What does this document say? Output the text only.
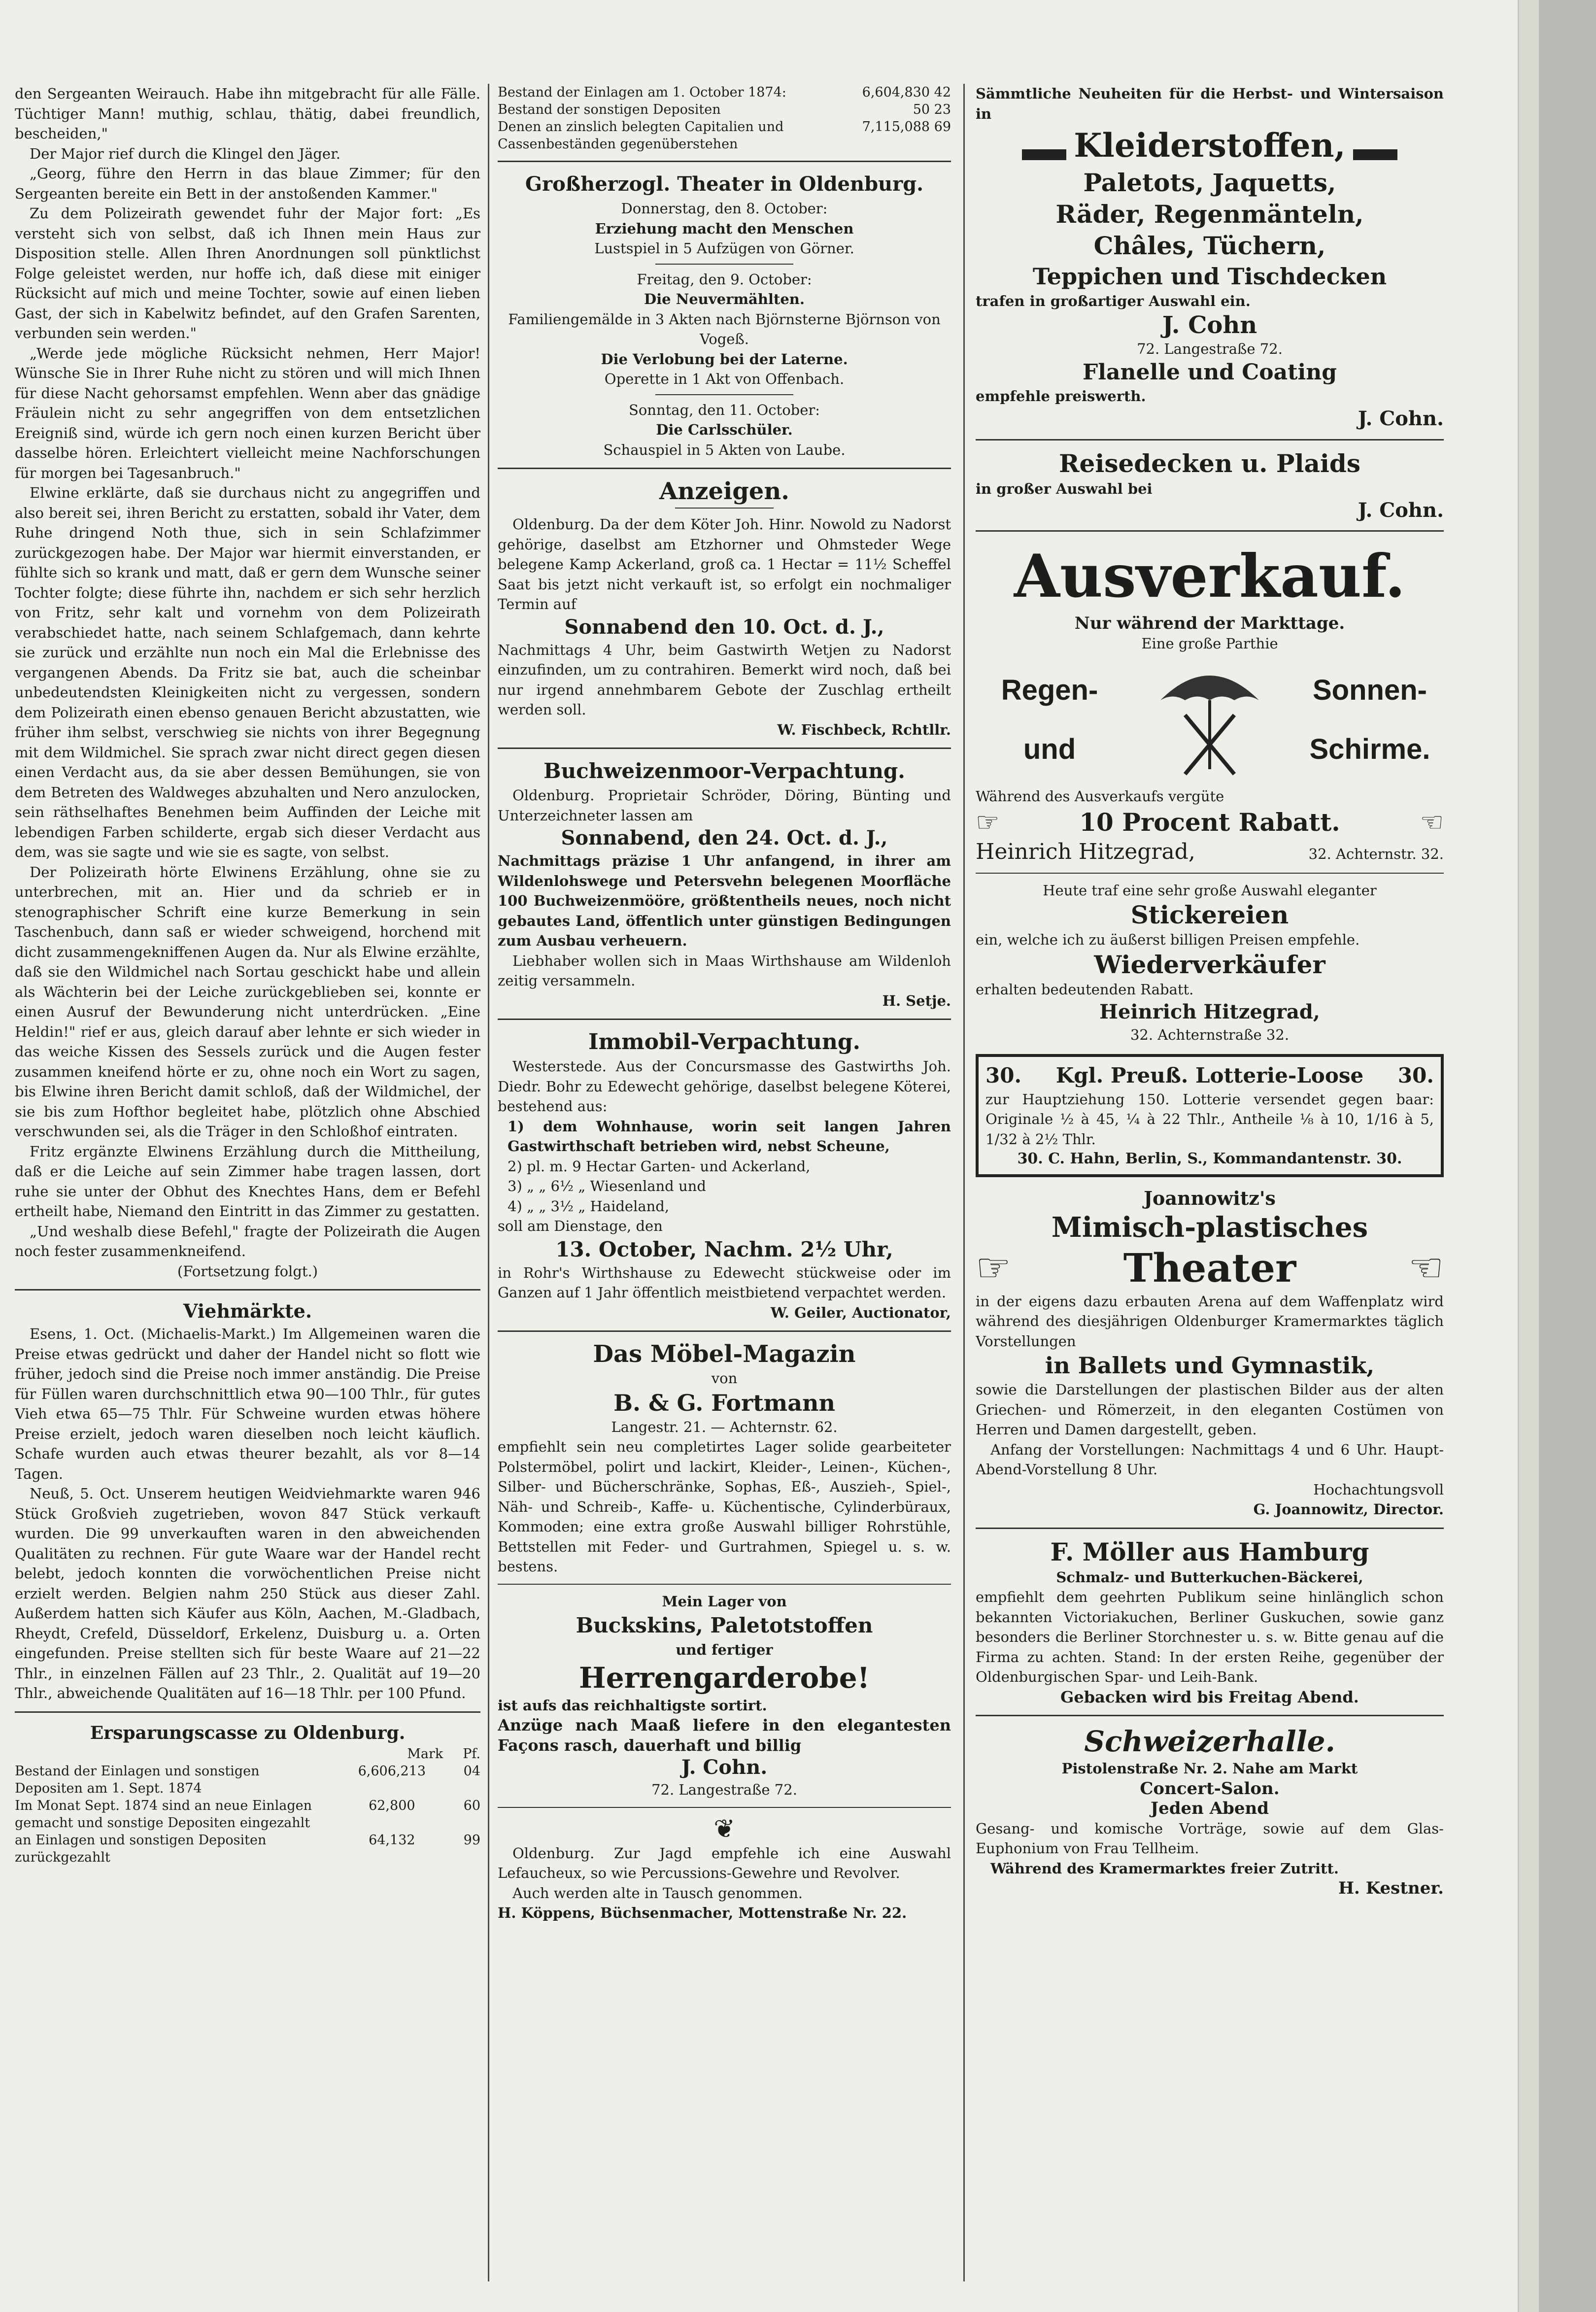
den Sergeanten Weirauch. Habe ihn mitgebracht für alle Fälle. Tüchtiger Mann! muthig, schlau, thätig, dabei freundlich, bescheiden,"

Der Major rief durch die Klingel den Jäger.

„Georg, führe den Herrn in das blaue Zimmer; für den Sergeanten bereite ein Bett in der anstoßenden Kammer."

Zu dem Polizeirath gewendet fuhr der Major fort: „Es versteht sich von selbst, daß ich Ihnen mein Haus zur Disposition stelle. Allen Ihren Anordnungen soll pünktlichst Folge geleistet werden, nur hoffe ich, daß diese mit einiger Rücksicht auf mich und meine Tochter, sowie auf einen lieben Gast, der sich in Kabelwitz befindet, auf den Grafen Sarenten, verbunden sein werden."

„Werde jede mögliche Rücksicht nehmen, Herr Major! Wünsche Sie in Ihrer Ruhe nicht zu stören und will mich Ihnen für diese Nacht gehorsamst empfehlen. Wenn aber das gnädige Fräulein nicht zu sehr angegriffen von dem entsetzlichen Ereigniß sind, würde ich gern noch einen kurzen Bericht über dasselbe hören. Erleichtert vielleicht meine Nachforschungen für morgen bei Tagesanbruch."

Elwine erklärte, daß sie durchaus nicht zu angegriffen und also bereit sei, ihren Bericht zu erstatten, sobald ihr Vater, dem Ruhe dringend Noth thue, sich in sein Schlafzimmer zurückgezogen habe. Der Major war hiermit einverstanden, er fühlte sich so krank und matt, daß er gern dem Wunsche seiner Tochter folgte; diese führte ihn, nachdem er sich sehr herzlich von Fritz, sehr kalt und vornehm von dem Polizeirath verabschiedet hatte, nach seinem Schlafgemach, dann kehrte sie zurück und erzählte nun noch ein Mal die Erlebnisse des vergangenen Abends. Da Fritz sie bat, auch die scheinbar unbedeutendsten Kleinigkeiten nicht zu vergessen, sondern dem Polizeirath einen ebenso genauen Bericht abzustatten, wie früher ihm selbst, verschwieg sie nichts von ihrer Begegnung mit dem Wildmichel. Sie sprach zwar nicht direct gegen diesen einen Verdacht aus, da sie aber dessen Bemühungen, sie von dem Betreten des Waldweges abzuhalten und Nero anzulocken, sein räthselhaftes Benehmen beim Auffinden der Leiche mit lebendigen Farben schilderte, ergab sich dieser Verdacht aus dem, was sie sagte und wie sie es sagte, von selbst.

Der Polizeirath hörte Elwinens Erzählung, ohne sie zu unterbrechen, mit an. Hier und da schrieb er in stenographischer Schrift eine kurze Bemerkung in sein Taschenbuch, dann saß er wieder schweigend, horchend mit dicht zusammengekniffenen Augen da. Nur als Elwine erzählte, daß sie den Wildmichel nach Sortau geschickt habe und allein als Wächterin bei der Leiche zurückgeblieben sei, konnte er einen Ausruf der Bewunderung nicht unterdrücken. „Eine Heldin!" rief er aus, gleich darauf aber lehnte er sich wieder in das weiche Kissen des Sessels zurück und die Augen fester zusammen kneifend hörte er zu, ohne noch ein Wort zu sagen, bis Elwine ihren Bericht damit schloß, daß der Wildmichel, der sie bis zum Hofthor begleitet habe, plötzlich ohne Abschied verschwunden sei, als die Träger in den Schloßhof eintraten.

Fritz ergänzte Elwinens Erzählung durch die Mittheilung, daß er die Leiche auf sein Zimmer habe tragen lassen, dort ruhe sie unter der Obhut des Knechtes Hans, dem er Befehl ertheilt habe, Niemand den Eintritt in das Zimmer zu gestatten.

„Und weshalb diese Befehl," fragte der Polizeirath die Augen noch fester zusammenkneifend.

(Fortsetzung folgt.)

Viehmärkte.

Esens, 1. Oct. (Michaelis-Markt.) Im Allgemeinen waren die Preise etwas gedrückt und daher der Handel nicht so flott wie früher, jedoch sind die Preise noch immer anständig. Die Preise für Füllen waren durchschnittlich etwa 90—100 Thlr., für gutes Vieh etwa 65—75 Thlr. Für Schweine wurden etwas höhere Preise erzielt, jedoch waren dieselben noch leicht käuflich. Schafe wurden auch etwas theurer bezahlt, als vor 8—14 Tagen.

Neuß, 5. Oct. Unserem heutigen Weidviehmarkte waren 946 Stück Großvieh zugetrieben, wovon 847 Stück verkauft wurden. Die 99 unverkauften waren in den abweichenden Qualitäten zu rechnen. Für gute Waare war der Handel recht belebt, jedoch konnten die vorwöchentlichen Preise nicht erzielt werden. Belgien nahm 250 Stück aus dieser Zahl. Außerdem hatten sich Käufer aus Köln, Aachen, M.-Gladbach, Rheydt, Crefeld, Düsseldorf, Erkelenz, Duisburg u. a. Orten eingefunden. Preise stellten sich für beste Waare auf 21—22 Thlr., in einzelnen Fällen auf 23 Thlr., 2. Qualität auf 19—20 Thlr., abweichende Qualitäten auf 16—18 Thlr. per 100 Pfund.

Ersparungscasse zu Oldenburg.

Mark Pf.
Bestand der Einlagen und sonstigen Depositen am 1. Sept. 1874
6,606,213	04
Im Monat Sept. 1874 sind an neue Einlagen gemacht und sonstige Depositen eingezahlt
62,800	60
an Einlagen und sonstigen Depositen zurückgezahlt
64,132	99
Bestand der Einlagen am 1. October 1874:	6,604,830 42
Bestand der sonstigen Depositen	50 23
Denen an zinslich belegten Capitalien und Cassenbeständen gegenüberstehen
7,115,088 69

Großherzogl. Theater in Oldenburg.

Donnerstag, den 8. October:

Erziehung macht den Menschen

Lustspiel in 5 Aufzügen von Görner.

Freitag, den 9. October:

Die Neuvermählten.

Familiengemälde in 3 Akten nach Björnsterne Björnson von Vogeß.

Die Verlobung bei der Laterne.

Operette in 1 Akt von Offenbach.

Sonntag, den 11. October:

Die Carlsschüler.

Schauspiel in 5 Akten von Laube.

Anzeigen.

Oldenburg. Da der dem Köter Joh. Hinr. Nowold zu Nadorst gehörige, daselbst am Etzhorner und Ohmsteder Wege belegene Kamp Ackerland, groß ca. 1 Hectar = 11½ Scheffel Saat bis jetzt nicht verkauft ist, so erfolgt ein nochmaliger Termin auf

Sonnabend den 10. Oct. d. J.,

Nachmittags 4 Uhr, beim Gastwirth Wetjen zu Nadorst einzufinden, um zu contrahiren. Bemerkt wird noch, daß bei nur irgend annehmbarem Gebote der Zuschlag ertheilt werden soll.

W. Fischbeck, Rchtllr.

Buchweizenmoor-Verpachtung.

Oldenburg. Proprietair Schröder, Döring, Bünting und Unterzeichneter lassen am

Sonnabend, den 24. Oct. d. J.,

Nachmittags präzise 1 Uhr anfangend, in ihrer am Wildenlohswege und Petersvehn belegenen Moorfläche 100 Buchweizenmööre, größtentheils neues, noch nicht gebautes Land, öffentlich unter günstigen Bedingungen zum Ausbau verheuern.

Liebhaber wollen sich in Maas Wirthshause am Wildenloh zeitig versammeln.

H. Setje.

Immobil-Verpachtung.

Westerstede. Aus der Concursmasse des Gastwirths Joh. Diedr. Bohr zu Edewecht gehörige, daselbst belegene Köterei, bestehend aus:

1) dem Wohnhause, worin seit langen Jahren Gastwirthschaft betrieben wird, nebst Scheune,

2) pl. m. 9 Hectar Garten- und Ackerland,

3) „ „ 6½ „ Wiesenland und

4) „ „ 3½ „ Haideland,

soll am Dienstage, den

13. October, Nachm. 2½ Uhr,

in Rohr's Wirthshause zu Edewecht stückweise oder im Ganzen auf 1 Jahr öffentlich meistbietend verpachtet werden.

W. Geiler, Auctionator,

Das Möbel-Magazin

von

B. & G. Fortmann

Langestr. 21. — Achternstr. 62.

empfiehlt sein neu completirtes Lager solide gearbeiteter Polstermöbel, polirt und lackirt, Kleider-, Leinen-, Küchen-, Silber- und Bücherschränke, Sophas, Eß-, Auszieh-, Spiel-, Näh- und Schreib-, Kaffe- u. Küchentische, Cylinderbüraux, Kommoden; eine extra große Auswahl billiger Rohrstühle, Bettstellen mit Feder- und Gurtrahmen, Spiegel u. s. w. bestens.

Mein Lager von

Buckskins, Paletotstoffen

und fertiger

Herrengarderobe!

ist aufs das reichhaltigste sortirt.

Anzüge nach Maaß liefere in den elegantesten Façons rasch, dauerhaft und billig

J. Cohn.

72. Langestraße 72.

❦

Oldenburg. Zur Jagd empfehle ich eine Auswahl Lefaucheux, so wie Percussions-Gewehre und Revolver.

Auch werden alte in Tausch genommen.

H. Köppens, Büchsenmacher, Mottenstraße Nr. 22.

Sämmtliche Neuheiten für die Herbst- und Wintersaison in

Kleiderstoffen,

Paletots, Jaquetts,

Räder, Regenmänteln,

Châles, Tüchern,

Teppichen und Tischdecken

trafen in großartiger Auswahl ein.

J. Cohn

72. Langestraße 72.

Flanelle und Coating

empfehle preiswerth.

J. Cohn.

Reisedecken u. Plaids

in großer Auswahl bei

J. Cohn.

Ausverkauf.

Nur während der Markttage.

Eine große Parthie

Regen-
und
Sonnen-
Schirme.

Während des Ausverkaufs vergüte

☞	10 Procent Rabatt.	☜
Heinrich Hitzegrad,	32. Achternstr. 32.

Heute traf eine sehr große Auswahl eleganter

Stickereien

ein, welche ich zu äußerst billigen Preisen empfehle.

Wiederverkäufer

erhalten bedeutenden Rabatt.

Heinrich Hitzegrad,

32. Achternstraße 32.

30. Kgl. Preuß. Lotterie-Loose 30.

zur Hauptziehung 150. Lotterie versendet gegen baar: Originale ½ à 45, ¼ à 22 Thlr., Antheile ⅛ à 10, 1/16 à 5, 1/32 à 2½ Thlr.

30. C. Hahn, Berlin, S., Kommandantenstr. 30.

Joannowitz's

Mimisch-plastisches

☞	Theater	☜

in der eigens dazu erbauten Arena auf dem Waffenplatz wird während des diesjährigen Oldenburger Kramermarktes täglich Vorstellungen

in Ballets und Gymnastik,

sowie die Darstellungen der plastischen Bilder aus der alten Griechen- und Römerzeit, in den eleganten Costümen von Herren und Damen dargestellt, geben.

Anfang der Vorstellungen: Nachmittags 4 und 6 Uhr. Haupt-Abend-Vorstellung 8 Uhr.

Hochachtungsvoll

G. Joannowitz, Director.

F. Möller aus Hamburg

Schmalz- und Butterkuchen-Bäckerei,

empfiehlt dem geehrten Publikum seine hinlänglich schon bekannten Victoriakuchen, Berliner Guskuchen, sowie ganz besonders die Berliner Storchnester u. s. w. Bitte genau auf die Firma zu achten. Stand: In der ersten Reihe, gegenüber der Oldenburgischen Spar- und Leih-Bank.

Gebacken wird bis Freitag Abend.

Schweizerhalle.

Pistolenstraße Nr. 2. Nahe am Markt

Concert-Salon.

Jeden Abend

Gesang- und komische Vorträge, sowie auf dem Glas-Euphonium von Frau Tellheim.

Während des Kramermarktes freier Zutritt.

H. Kestner.
